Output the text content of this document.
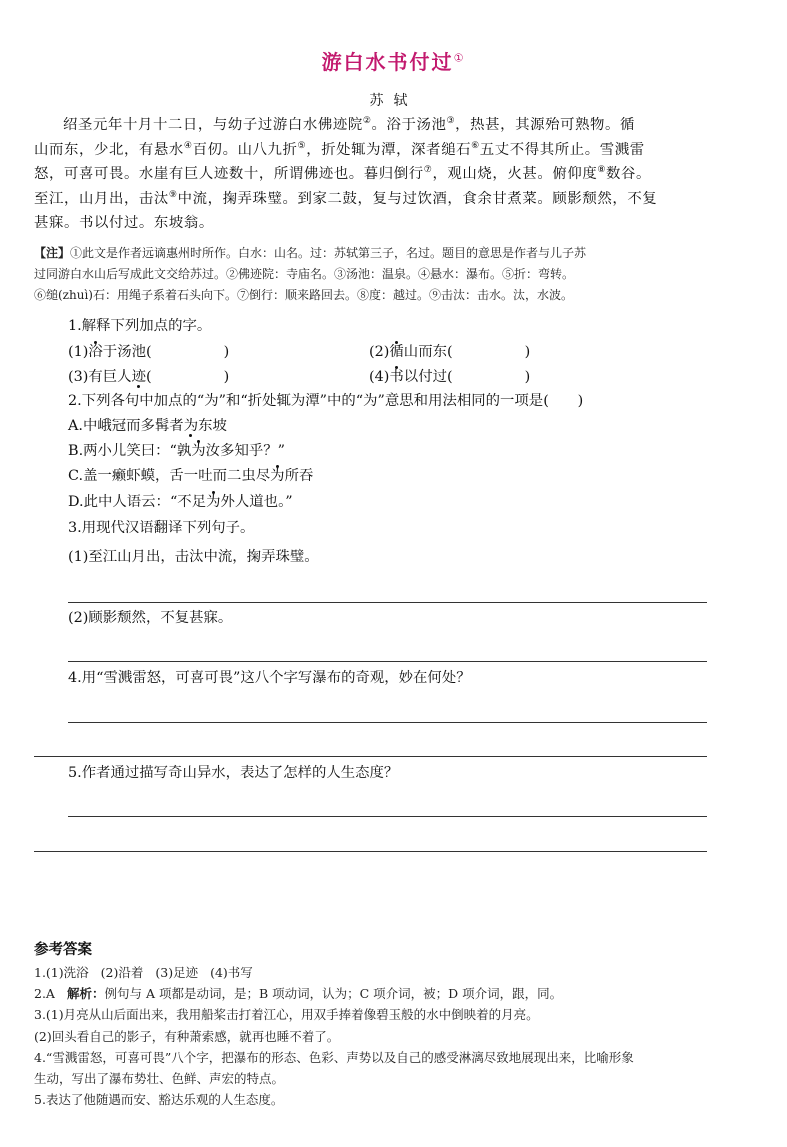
游白水书付过①
苏轼
绍圣元年十月十二日，与幼子过游白水佛迹院②。浴于汤池③，热甚，其源殆可熟物。循
山而东，少北，有悬水④百仞。山八九折⑤，折处辄为潭，深者缒石⑥五丈不得其所止。雪溅雷
怒，可喜可畏。水崖有巨人迹数十，所谓佛迹也。暮归倒行⑦，观山烧，火甚。俯仰度⑧数谷。
至江，山月出，击汰⑨中流，掬弄珠璧。到家二鼓，复与过饮酒，食余甘煮菜。顾影颓然，不复
甚寐。书以付过。东坡翁。
【注】①此文是作者远谪惠州时所作。白水：山名。过：苏轼第三子，名过。题目的意思是作者与儿子苏
过同游白水山后写成此文交给苏过。②佛迹院：寺庙名。③汤池：温泉。④悬水：瀑布。⑤折：弯转。
⑥缒(zhuì)石：用绳子系着石头向下。⑦倒行：顺来路回去。⑧度：越过。⑨击汰：击水。汰，水波。
1.解释下列加点的字。
(1)浴于汤池(	)	(2)循山而东(	)
(3)有巨人迹(	)	(4)书以付过(	)
2.下列各句中加点的“为”和“折处辄为潭”中的“为”意思和用法相同的一项是(　　)
A.中峨冠而多髯者为东坡
B.两小儿笑曰：“孰为汝多知乎？”
C.盖一癞虾蟆，舌一吐而二虫尽为所吞
D.此中人语云：“不足为外人道也。”
3.用现代汉语翻译下列句子。
(1)至江山月出，击汰中流，掬弄珠璧。
(2)顾影颓然，不复甚寐。
4.用“雪溅雷怒，可喜可畏”这八个字写瀑布的奇观，妙在何处？
5.作者通过描写奇山异水，表达了怎样的人生态度？
参考答案
1.(1)洗浴 (2)沿着 (3)足迹 (4)书写
2.A 解析：例句与 A 项都是动词，是；B 项动词，认为；C 项介词，被；D 项介词，跟，同。
3.(1)月亮从山后面出来，我用船桨击打着江心，用双手捧着像碧玉般的水中倒映着的月亮。
(2)回头看自己的影子，有种萧索感，就再也睡不着了。
4.“雪溅雷怒，可喜可畏”八个字，把瀑布的形态、色彩、声势以及自己的感受淋漓尽致地展现出来，比喻形象
生动，写出了瀑布势壮、色鲜、声宏的特点。
5.表达了他随遇而安、豁达乐观的人生态度。
